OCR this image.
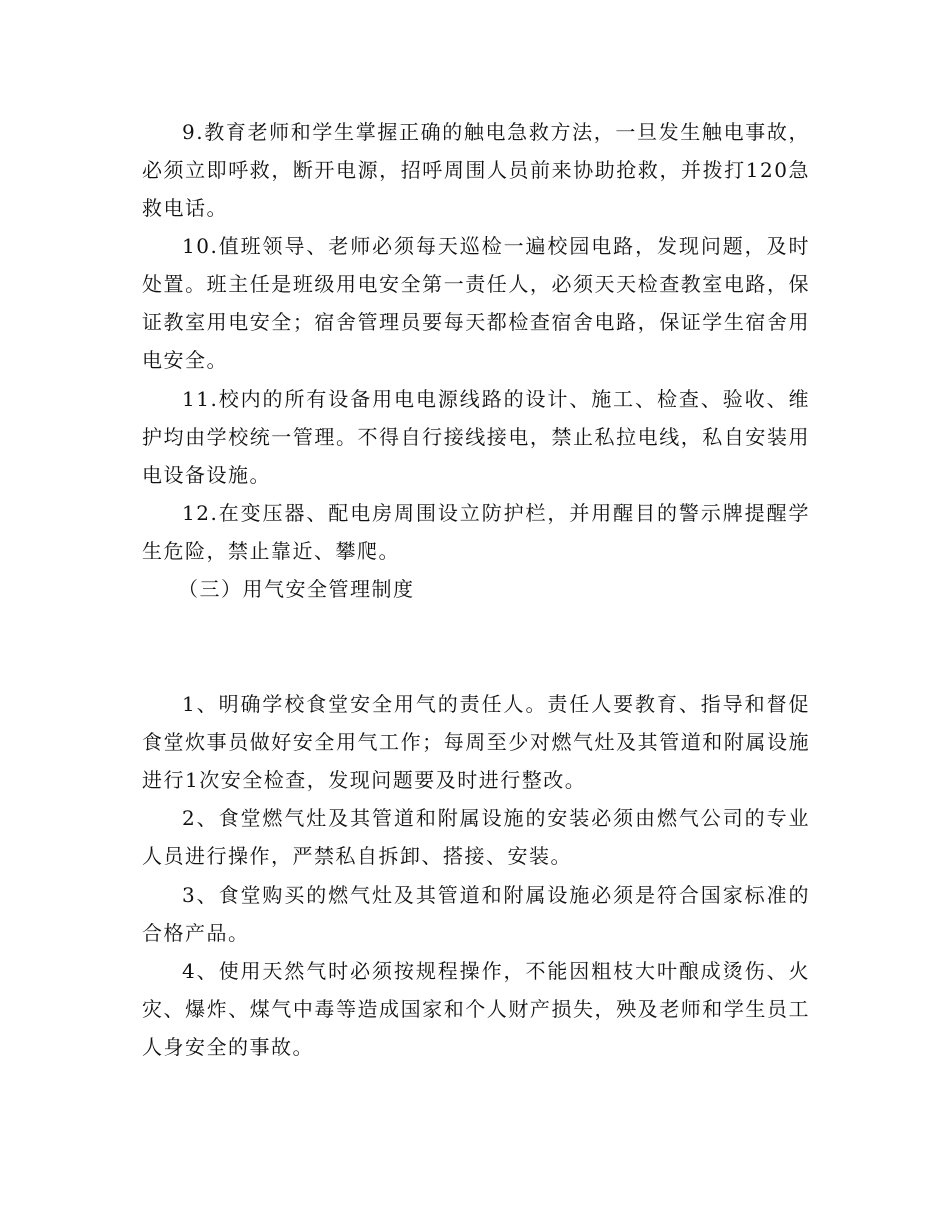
9.教育老师和学生掌握正确的触电急救方法，一旦发生触电事故，必须立即呼救，断开电源，招呼周围人员前来协助抢救，并拨打120急救电话。

10.值班领导、老师必须每天巡检一遍校园电路，发现问题，及时处置。班主任是班级用电安全第一责任人，必须天天检查教室电路，保证教室用电安全；宿舍管理员要每天都检查宿舍电路，保证学生宿舍用电安全。

11.校内的所有设备用电电源线路的设计、施工、检查、验收、维护均由学校统一管理。不得自行接线接电，禁止私拉电线，私自安装用电设备设施。

12.在变压器、配电房周围设立防护栏，并用醒目的警示牌提醒学生危险，禁止靠近、攀爬。

（三）用气安全管理制度

1、明确学校食堂安全用气的责任人。责任人要教育、指导和督促食堂炊事员做好安全用气工作；每周至少对燃气灶及其管道和附属设施进行1次安全检查，发现问题要及时进行整改。

2、食堂燃气灶及其管道和附属设施的安装必须由燃气公司的专业人员进行操作，严禁私自拆卸、搭接、安装。

3、食堂购买的燃气灶及其管道和附属设施必须是符合国家标准的合格产品。

4、使用天然气时必须按规程操作，不能因粗枝大叶酿成烫伤、火灾、爆炸、煤气中毒等造成国家和个人财产损失，殃及老师和学生员工人身安全的事故。
